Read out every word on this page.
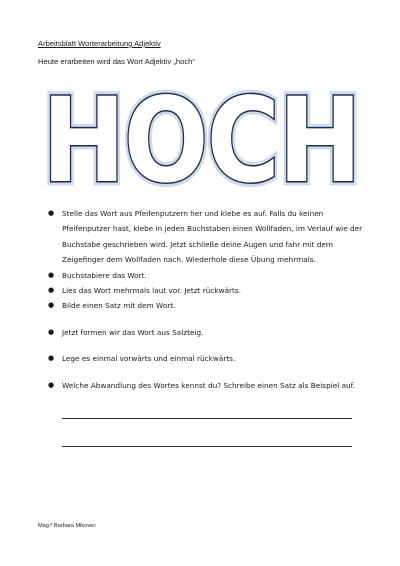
Arbeitsblatt Worterarbeitung Adjektiv
Heute erarbeiten wird das Wort Adjektiv „hoch“
HOCH
HOCH
● Stelle das Wort aus Pfeifenputzern her und klebe es auf. Falls du keinen Pfeifenputzer hast, klebe in jeden Buchstaben einen Wollfaden, im Verlauf wie der Buchstabe geschrieben wird. Jetzt schließe deine Augen und fahr mit dem Zeigefinger dem Wollfaden nach. Wiederhole diese Übung mehrmals.
● Buchstabiere das Wort.
● Lies das Wort mehrmals laut vor. Jetzt rückwärts.
● Bilde einen Satz mit dem Wort.
● Jetzt formen wir das Wort aus Salzteig.
● Lege es einmal vorwärts und einmal rückwärts.
● Welche Abwandlung des Wortes kennst du? Schreibe einen Satz als Beispiel auf.
Mag.ª Barbara Mikovec
